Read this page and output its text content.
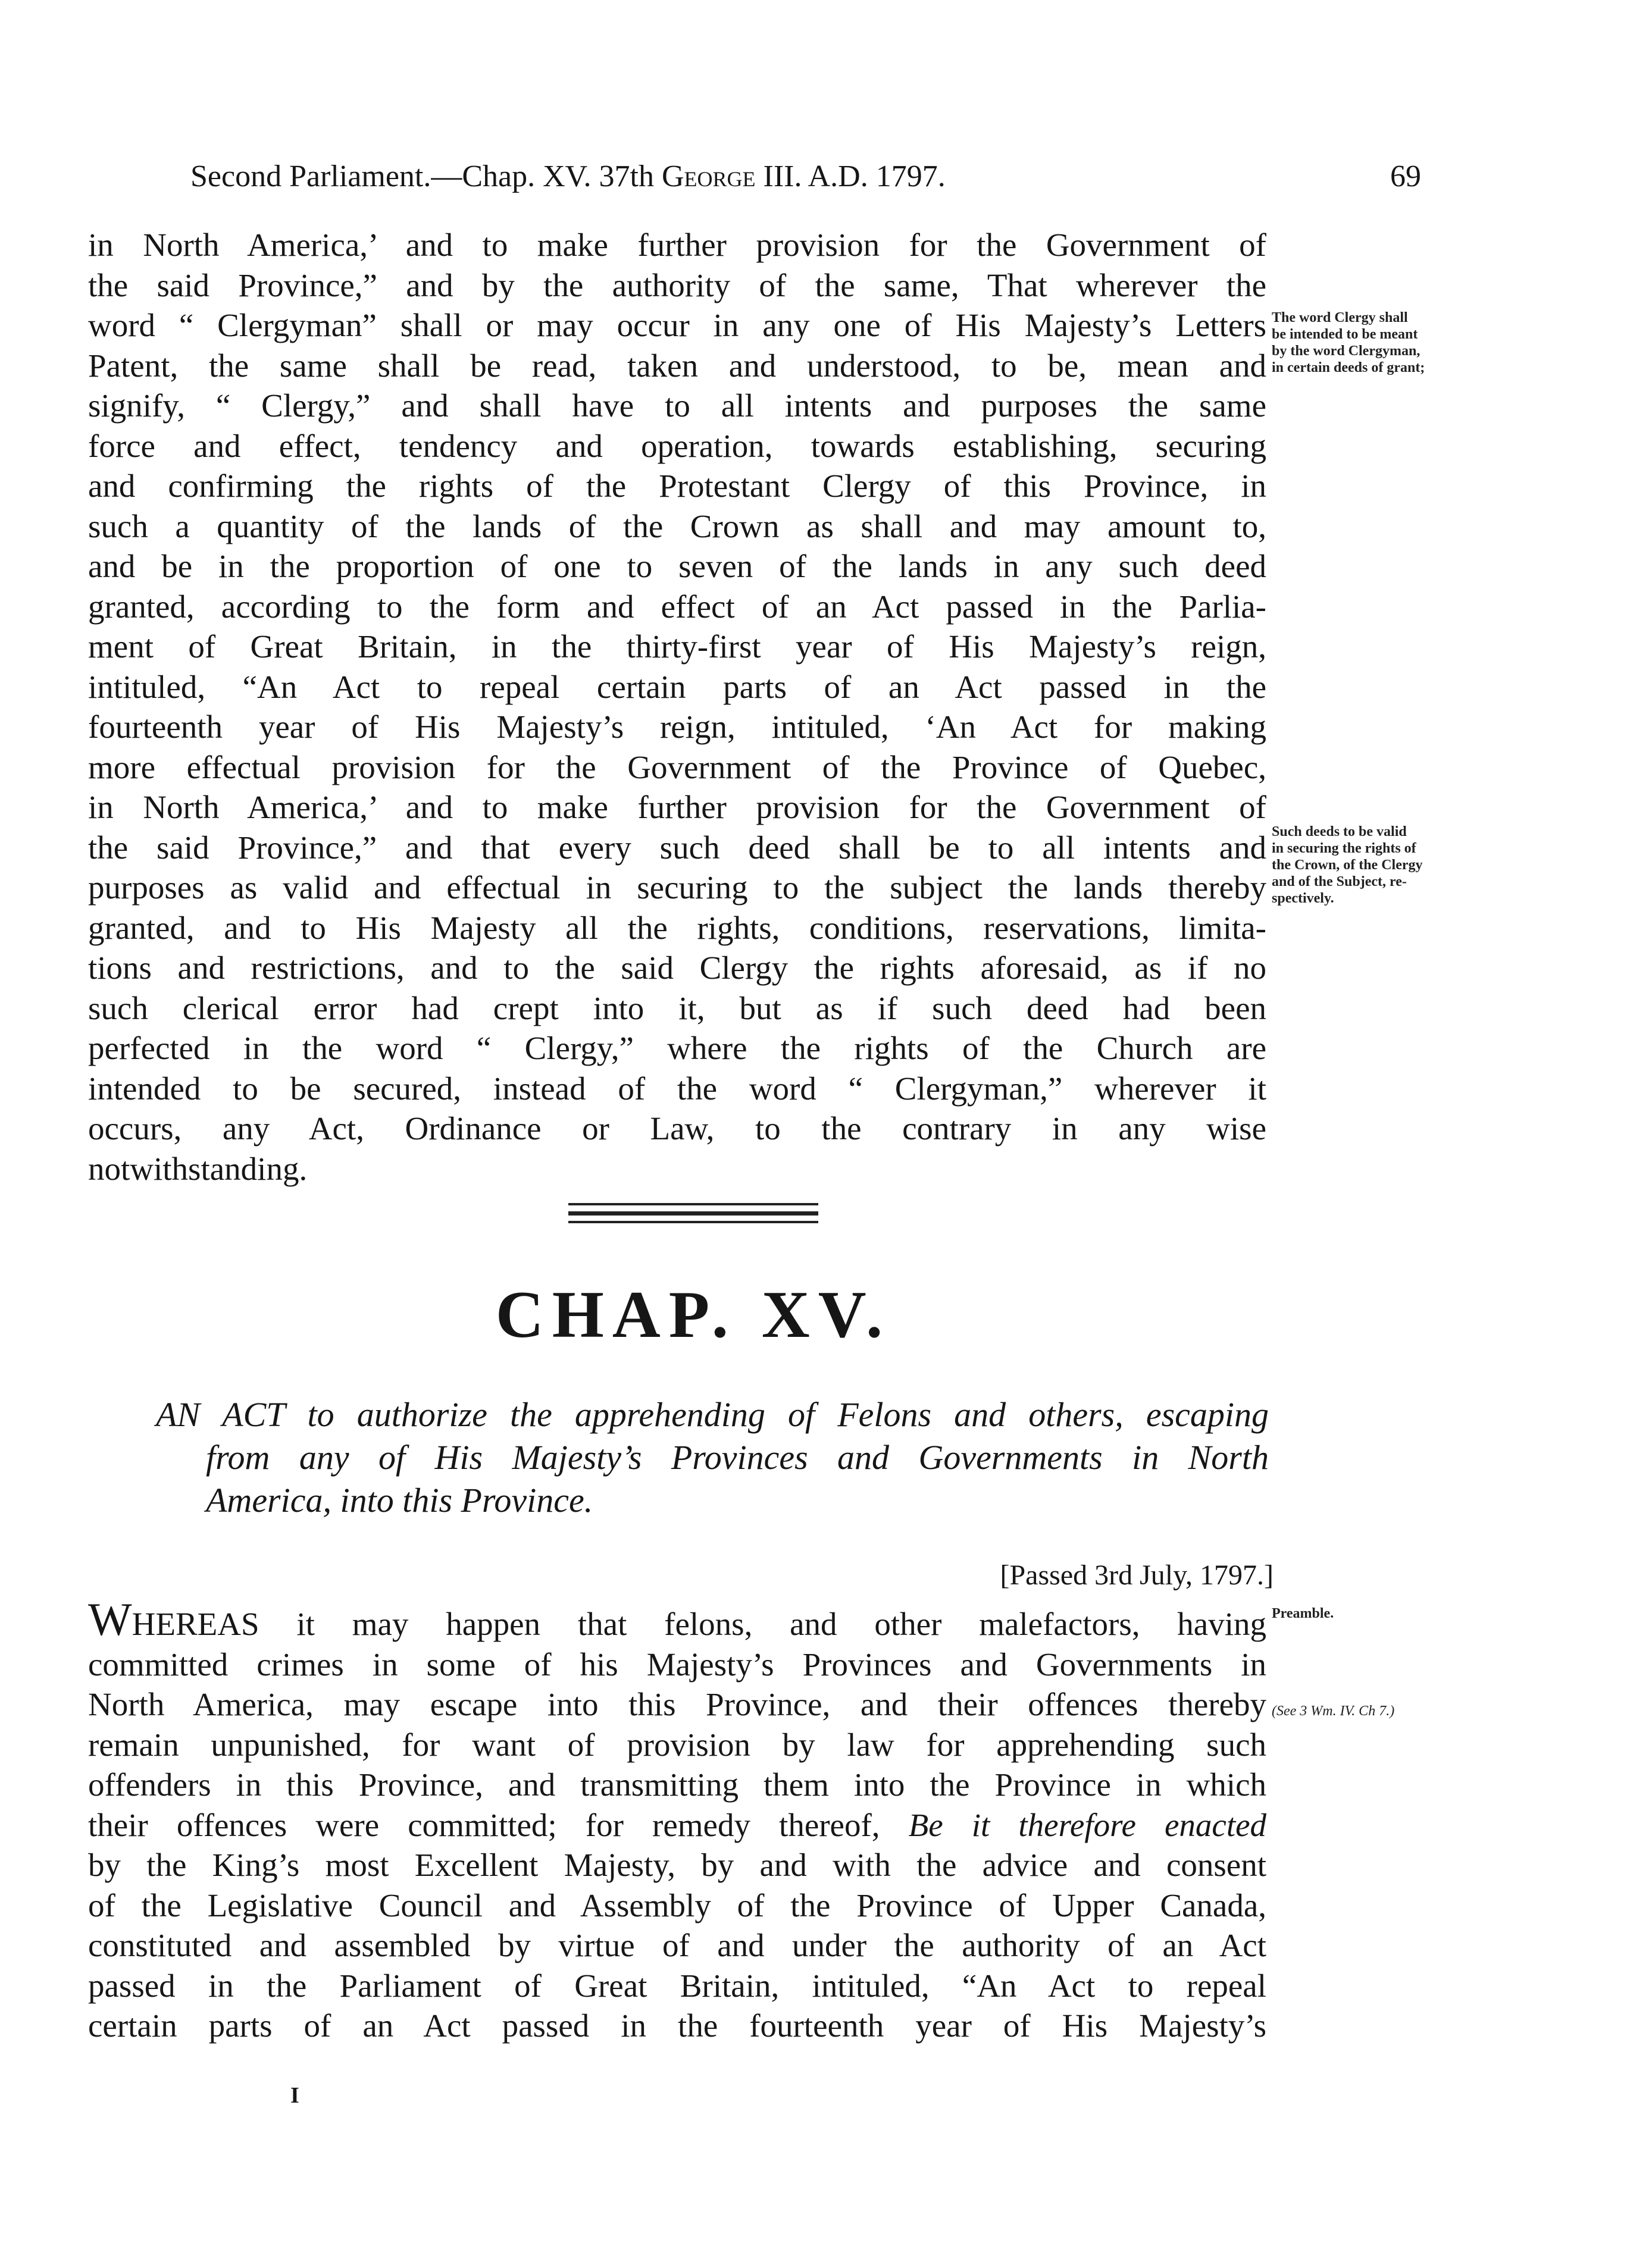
Second Parliament.—Chap. XV. 37th George III. A.D. 1797.	69
in North America,’ and to make further provision for the Government of
the said Province,” and by the authority of the same, That wherever the
word “ Clergyman” shall or may occur in any one of His Majesty’s Letters
Patent, the same shall be read, taken and understood, to be, mean and
signify, “ Clergy,” and shall have to all intents and purposes the same
force and effect, tendency and operation, towards establishing, securing
and confirming the rights of the Protestant Clergy of this Province, in
such a quantity of the lands of the Crown as shall and may amount to,
and be in the proportion of one to seven of the lands in any such deed
granted, according to the form and effect of an Act passed in the Parlia-
ment of Great Britain, in the thirty-first year of His Majesty’s reign,
intituled, “An Act to repeal certain parts of an Act passed in the
fourteenth year of His Majesty’s reign, intituled, ‘An Act for making
more effectual provision for the Government of the Province of Quebec,
in North America,’ and to make further provision for the Government of
the said Province,” and that every such deed shall be to all intents and
purposes as valid and effectual in securing to the subject the lands thereby
granted, and to His Majesty all the rights, conditions, reservations, limita-
tions and restrictions, and to the said Clergy the rights aforesaid, as if no
such clerical error had crept into it, but as if such deed had been
perfected in the word “ Clergy,” where the rights of the Church are
intended to be secured, instead of the word “ Clergyman,” wherever it
occurs, any Act, Ordinance or Law, to the contrary in any wise
notwithstanding.
The word Clergy shall
be intended to be meant
by the word Clergyman,
in certain deeds of grant;
Such deeds to be valid
in securing the rights of
the Crown, of the Clergy
and of the Subject, re-
spectively.
CHAP. XV.
AN ACT to authorize the apprehending of Felons and others, escaping
from any of His Majesty’s Provinces and Governments in North
America, into this Province.
[Passed 3rd July, 1797.]
WHEREAS it may happen that felons, and other malefactors, having
committed crimes in some of his Majesty’s Provinces and Governments in
North America, may escape into this Province, and their offences thereby
remain unpunished, for want of provision by law for apprehending such
offenders in this Province, and transmitting them into the Province in which
their offences were committed; for remedy thereof, Be it therefore enacted
by the King’s most Excellent Majesty, by and with the advice and consent
of the Legislative Council and Assembly of the Province of Upper Canada,
constituted and assembled by virtue of and under the authority of an Act
passed in the Parliament of Great Britain, intituled, “An Act to repeal
certain parts of an Act passed in the fourteenth year of His Majesty’s
Preamble.
(See 3 Wm. IV. Ch 7.)
I
